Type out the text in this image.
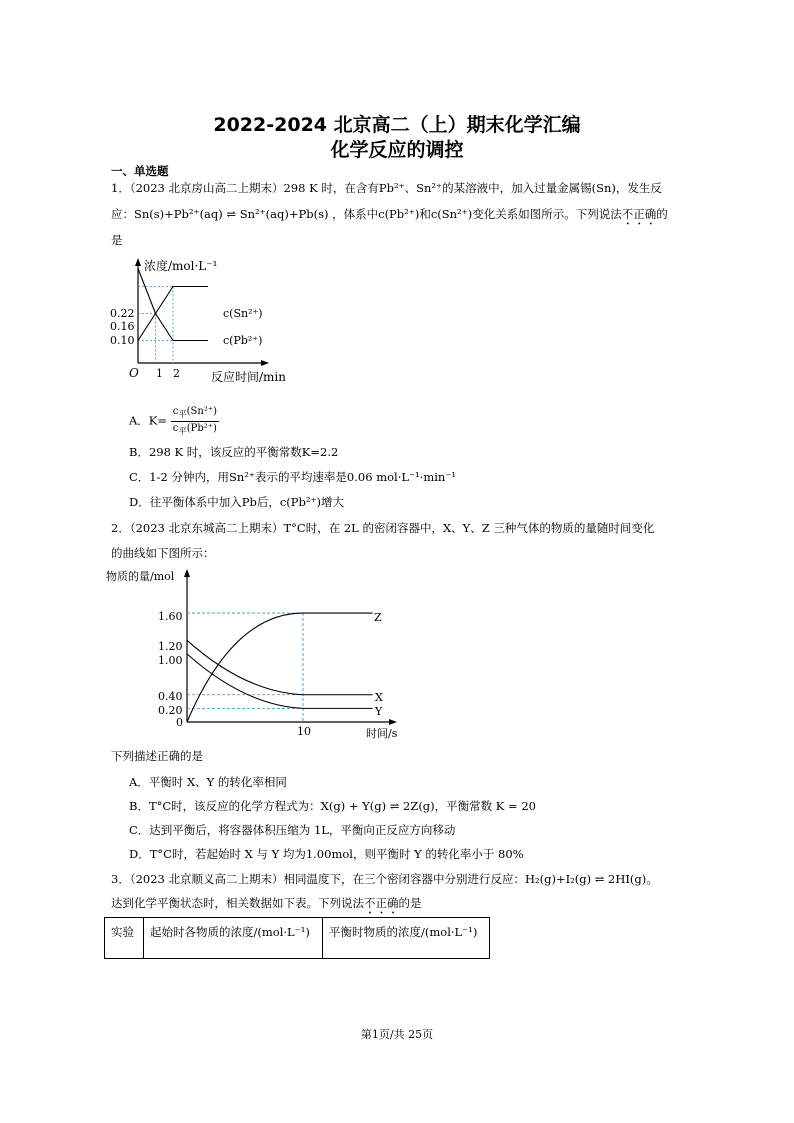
2022-2024 北京高二（上）期末化学汇编
化学反应的调控
一、单选题
1．（2023 北京房山高二上期末）298 K 时，在含有Pb²⁺、Sn²⁺的某溶液中，加入过量金属锡(Sn)，发生反
应：Sn(s)+Pb²⁺(aq) ⇌ Sn²⁺(aq)+Pb(s) ，体系中c(Pb²⁺)和c(Sn²⁺)变化关系如图所示。下列说法不正确的
是
浓度/mol·L⁻¹
0.22
0.16
0.10
O 1 2	反应时间/min
c(Sn²⁺)
c(Pb²⁺)
A．K=
$c_平(Sn^{2+})$
$c_平(Pb^{2+})$
B．298 K 时，该反应的平衡常数K=2.2
C．1-2 分钟内，用Sn²⁺表示的平均速率是0.06 mol·L⁻¹·min⁻¹
D．往平衡体系中加入Pb后，c(Pb²⁺)增大
2．（2023 北京东城高二上期末）T°C时，在 2L 的密闭容器中，X、Y、Z 三种气体的物质的量随时间变化
的曲线如下图所示：
物质的量/mol
1.60
1.20
1.00
0.40
0.20
0
10	时间/s
Z
X
Y
下列描述正确的是
A．平衡时 X、Y 的转化率相同
B．T°C时，该反应的化学方程式为：X(g) + Y(g) ⇌ 2Z(g)，平衡常数 K = 20
C．达到平衡后，将容器体积压缩为 1L，平衡向正反应方向移动
D．T°C时，若起始时 X 与 Y 均为1.00mol，则平衡时 Y 的转化率小于 80%
3．（2023 北京顺义高二上期末）相同温度下，在三个密闭容器中分别进行反应：H₂(g)+I₂(g) ⇌ 2HI(g)。
达到化学平衡状态时，相关数据如下表。下列说法不正确的是
实验	起始时各物质的浓度/(mol·L⁻¹)	平衡时物质的浓度/(mol·L⁻¹)
第1页/共 25页
